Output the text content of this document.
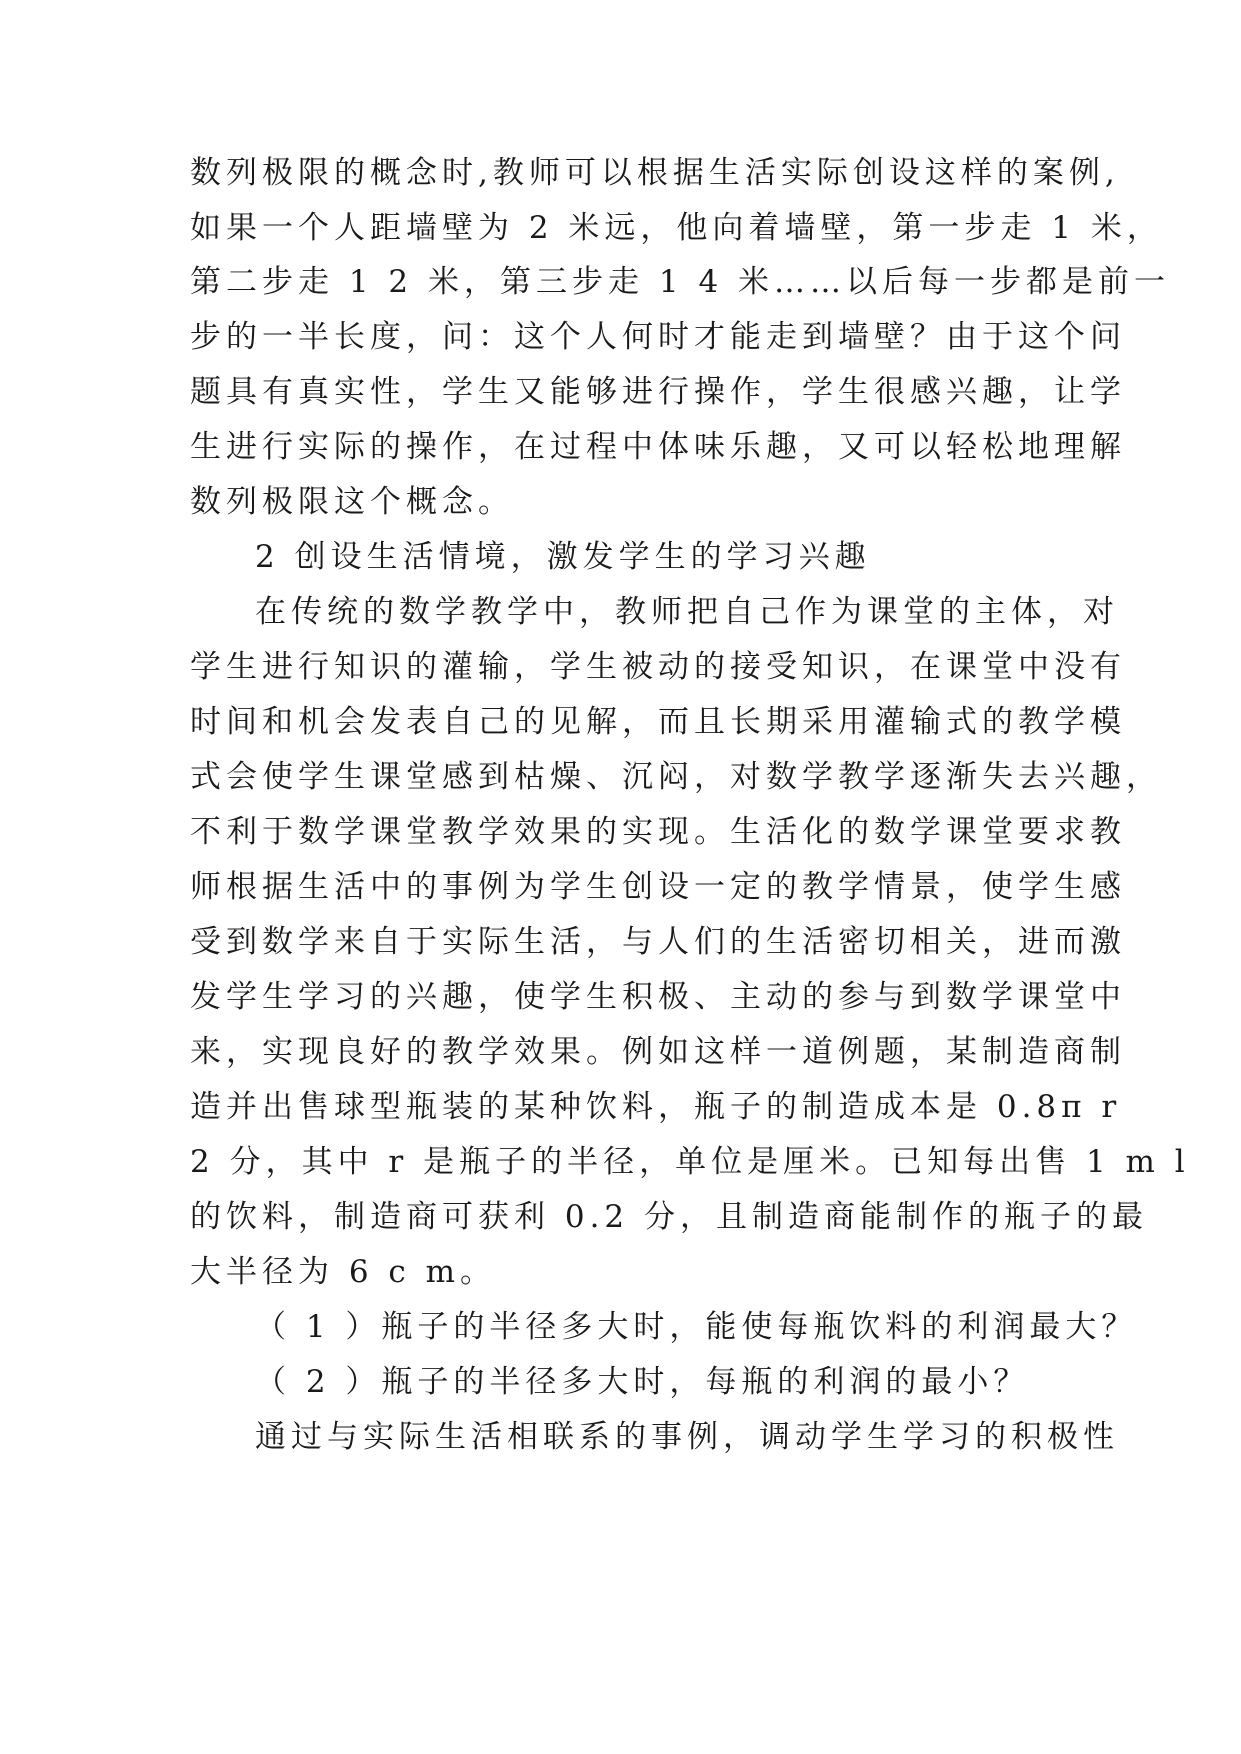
数列极限的概念时,教师可以根据生活实际创设这样的案例,
如果一个人距墙壁为 2 米远，他向着墙壁，第一步走 1 米，
第二步走 1 2 米，第三步走 1 4 米……以后每一步都是前一
步的一半长度，问：这个人何时才能走到墙壁？由于这个问
题具有真实性，学生又能够进行操作，学生很感兴趣，让学
生进行实际的操作，在过程中体味乐趣，又可以轻松地理解
数列极限这个概念。
2 创设生活情境，激发学生的学习兴趣
在传统的数学教学中，教师把自己作为课堂的主体，对
学生进行知识的灌输，学生被动的接受知识，在课堂中没有
时间和机会发表自己的见解，而且长期采用灌输式的教学模
式会使学生课堂感到枯燥、沉闷，对数学教学逐渐失去兴趣，
不利于数学课堂教学效果的实现。生活化的数学课堂要求教
师根据生活中的事例为学生创设一定的教学情景，使学生感
受到数学来自于实际生活，与人们的生活密切相关，进而激
发学生学习的兴趣，使学生积极、主动的参与到数学课堂中
来，实现良好的教学效果。例如这样一道例题，某制造商制
造并出售球型瓶装的某种饮料，瓶子的制造成本是 0.8π r
2 分，其中 r 是瓶子的半径，单位是厘米。已知每出售 1 m l
的饮料，制造商可获利 0.2 分，且制造商能制作的瓶子的最
大半径为 6 c m。
（ 1 ）瓶子的半径多大时，能使每瓶饮料的利润最大？
（ 2 ）瓶子的半径多大时，每瓶的利润的最小？
通过与实际生活相联系的事例，调动学生学习的积极性
